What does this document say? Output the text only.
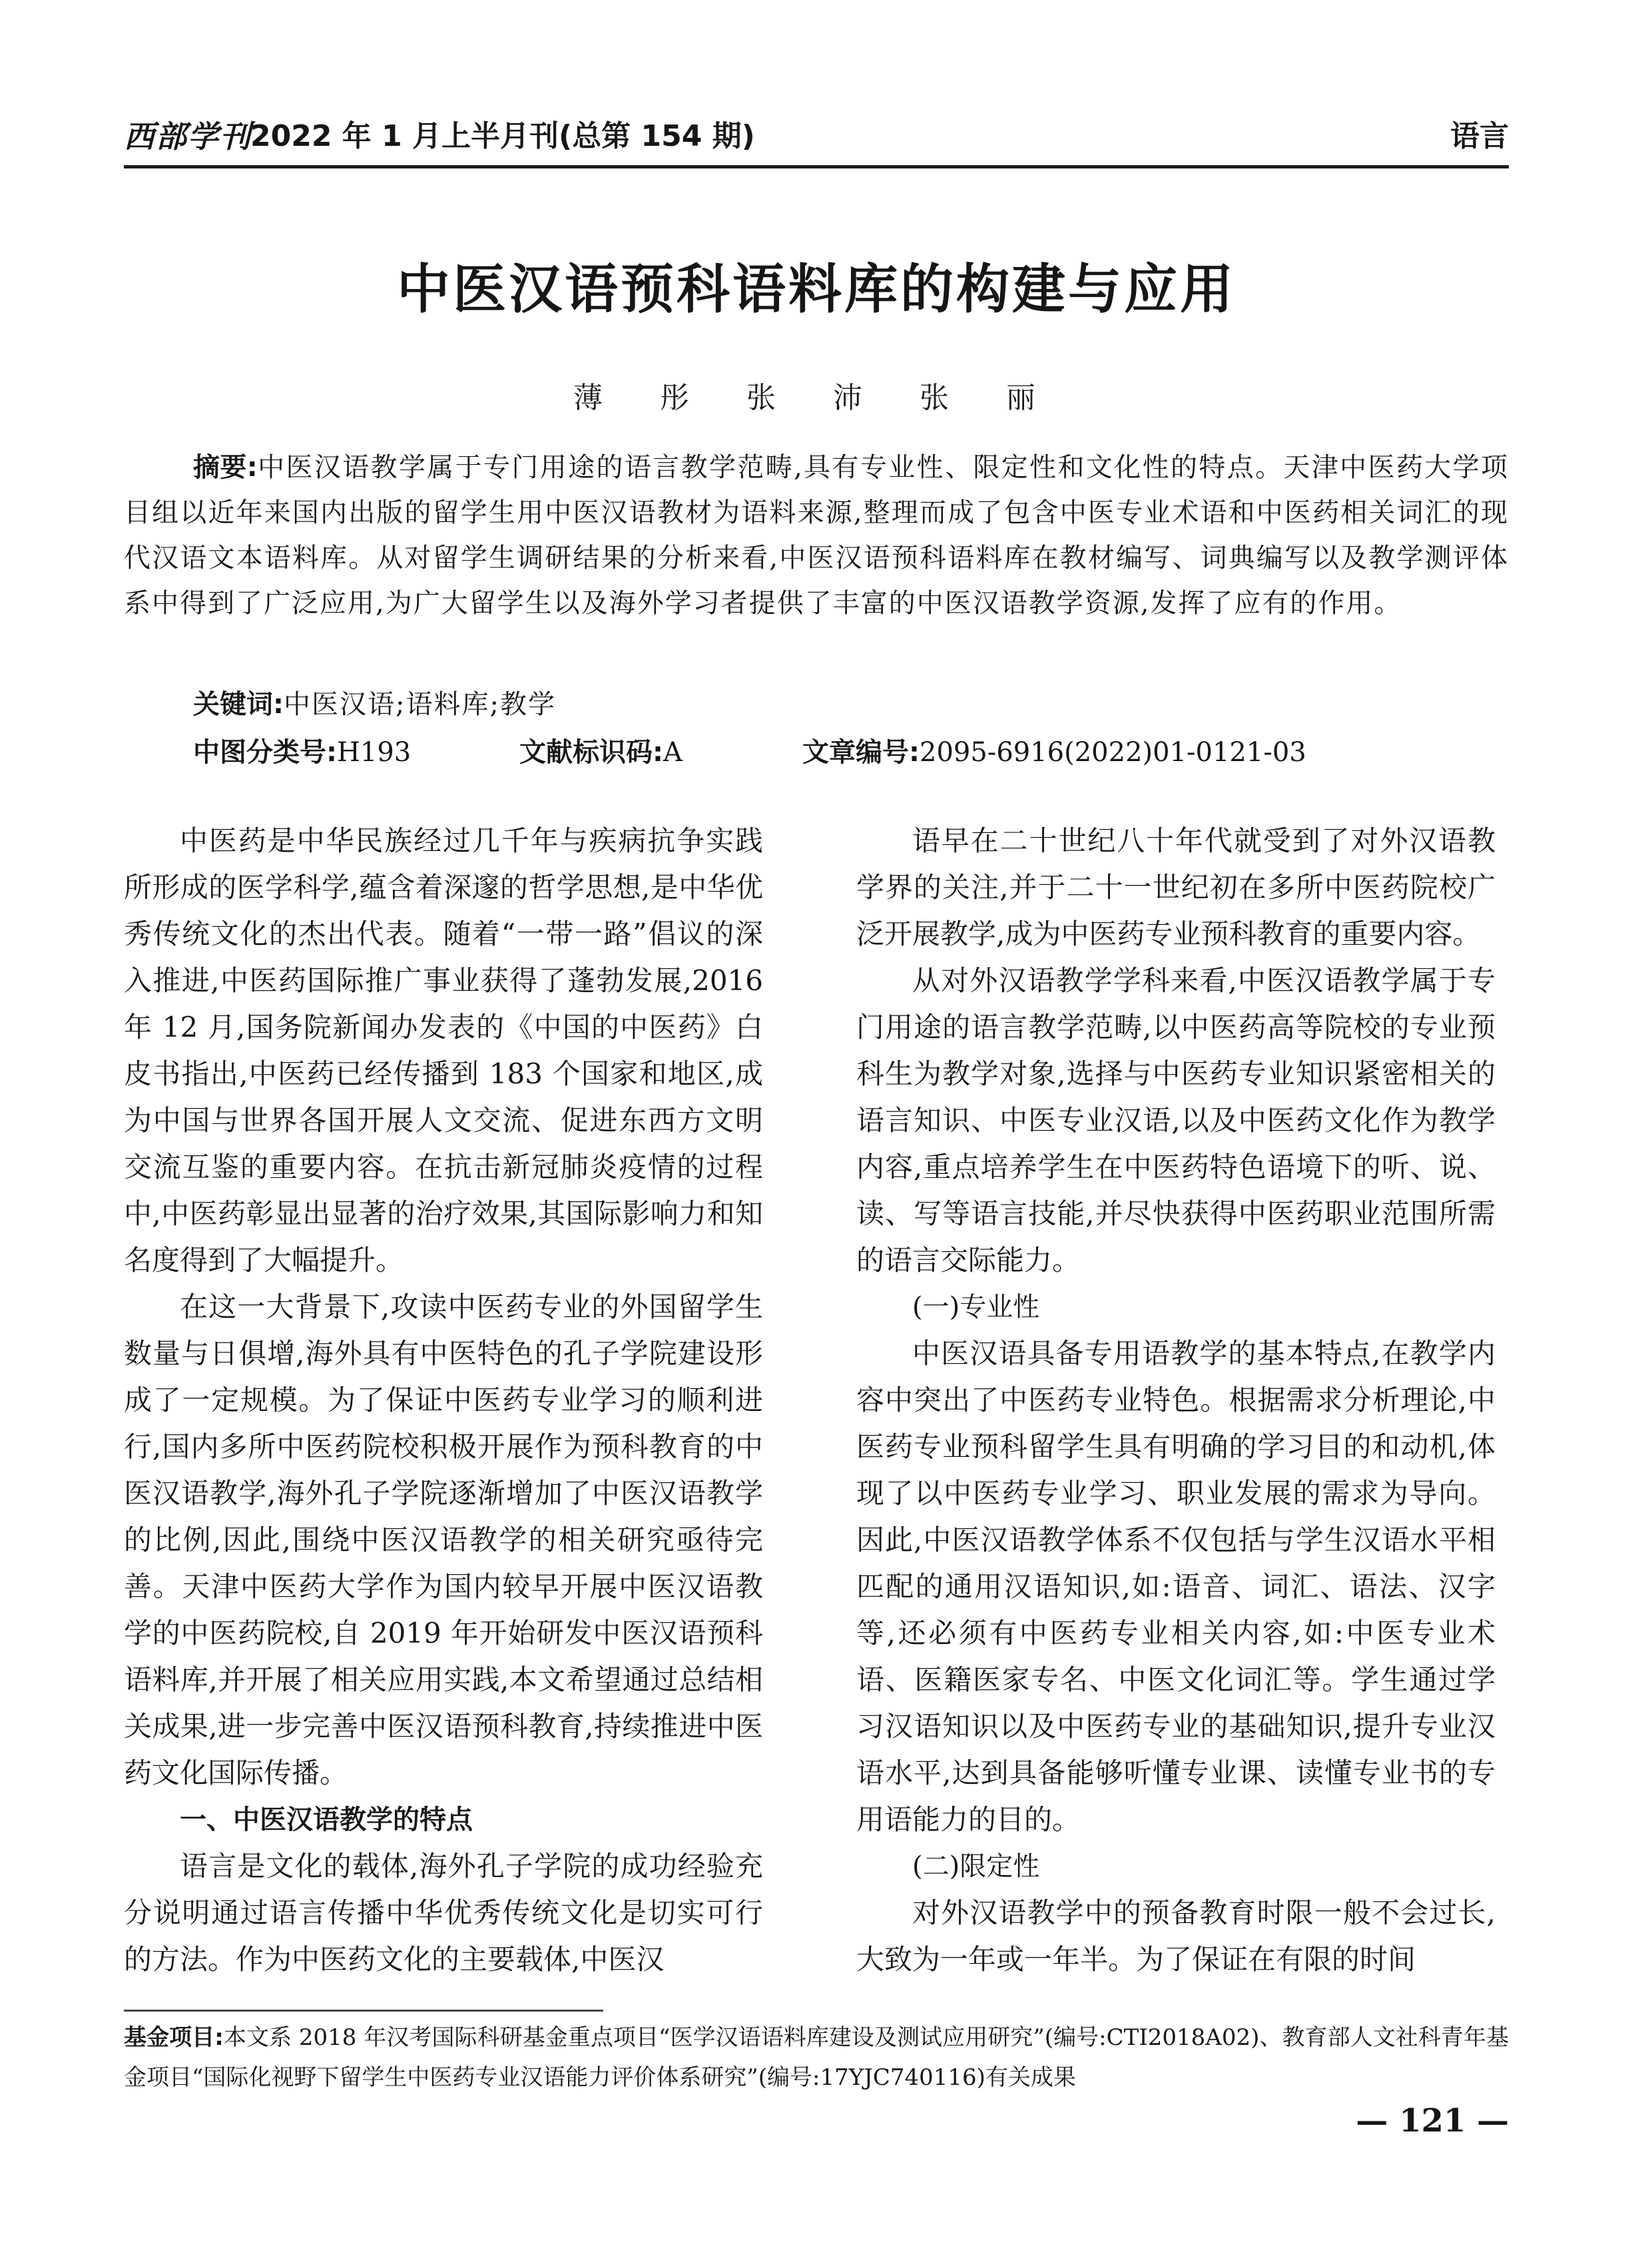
西部学刊
2022 年 1 月上半月刊(总第 154 期)	语言
中医汉语预科语料库的构建与应用
薄 彤 张 沛 张 丽
摘要:中医汉语教学属于专门用途的语言教学范畴,具有专业性、限定性和文化性的特点。天津中医药大学项目组以近年来国内出版的留学生用中医汉语教材为语料来源,整理而成了包含中医专业术语和中医药相关词汇的现代汉语文本语料库。从对留学生调研结果的分析来看,中医汉语预科语料库在教材编写、词典编写以及教学测评体系中得到了广泛应用,为广大留学生以及海外学习者提供了丰富的中医汉语教学资源,发挥了应有的作用。
关键词:中医汉语;语料库;教学
中图分类号:H193	文献标识码:A	文章编号:2095-6916(2022)01-0121-03

中医药是中华民族经过几千年与疾病抗争实践所形成的医学科学,蕴含着深邃的哲学思想,是中华优秀传统文化的杰出代表。随着“一带一路”倡议的深入推进,中医药国际推广事业获得了蓬勃发展,2016 年 12 月,国务院新闻办发表的《中国的中医药》白皮书指出,中医药已经传播到 183 个国家和地区,成为中国与世界各国开展人文交流、促进东西方文明交流互鉴的重要内容。在抗击新冠肺炎疫情的过程中,中医药彰显出显著的治疗效果,其国际影响力和知名度得到了大幅提升。

在这一大背景下,攻读中医药专业的外国留学生数量与日俱增,海外具有中医特色的孔子学院建设形成了一定规模。为了保证中医药专业学习的顺利进行,国内多所中医药院校积极开展作为预科教育的中医汉语教学,海外孔子学院逐渐增加了中医汉语教学的比例,因此,围绕中医汉语教学的相关研究亟待完善。天津中医药大学作为国内较早开展中医汉语教学的中医药院校,自 2019 年开始研发中医汉语预科语料库,并开展了相关应用实践,本文希望通过总结相关成果,进一步完善中医汉语预科教育,持续推进中医药文化国际传播。

一、中医汉语教学的特点

语言是文化的载体,海外孔子学院的成功经验充分说明通过语言传播中华优秀传统文化是切实可行的方法。作为中医药文化的主要载体,中医汉

语早在二十世纪八十年代就受到了对外汉语教学界的关注,并于二十一世纪初在多所中医药院校广泛开展教学,成为中医药专业预科教育的重要内容。

从对外汉语教学学科来看,中医汉语教学属于专门用途的语言教学范畴,以中医药高等院校的专业预科生为教学对象,选择与中医药专业知识紧密相关的语言知识、中医专业汉语,以及中医药文化作为教学内容,重点培养学生在中医药特色语境下的听、说、读、写等语言技能,并尽快获得中医药职业范围所需的语言交际能力。

(一)专业性

中医汉语具备专用语教学的基本特点,在教学内容中突出了中医药专业特色。根据需求分析理论,中医药专业预科留学生具有明确的学习目的和动机,体现了以中医药专业学习、职业发展的需求为导向。因此,中医汉语教学体系不仅包括与学生汉语水平相匹配的通用汉语知识,如:语音、词汇、语法、汉字等,还必须有中医药专业相关内容,如:中医专业术语、医籍医家专名、中医文化词汇等。学生通过学习汉语知识以及中医药专业的基础知识,提升专业汉语水平,达到具备能够听懂专业课、读懂专业书的专用语能力的目的。

(二)限定性

对外汉语教学中的预备教育时限一般不会过长,大致为一年或一年半。为了保证在有限的时间

基金项目:本文系 2018 年汉考国际科研基金重点项目“医学汉语语料库建设及测试应用研究”(编号:CTI2018A02)、教育部人文社科青年基金项目“国际化视野下留学生中医药专业汉语能力评价体系研究”(编号:17YJC740116)有关成果
— 121 —
